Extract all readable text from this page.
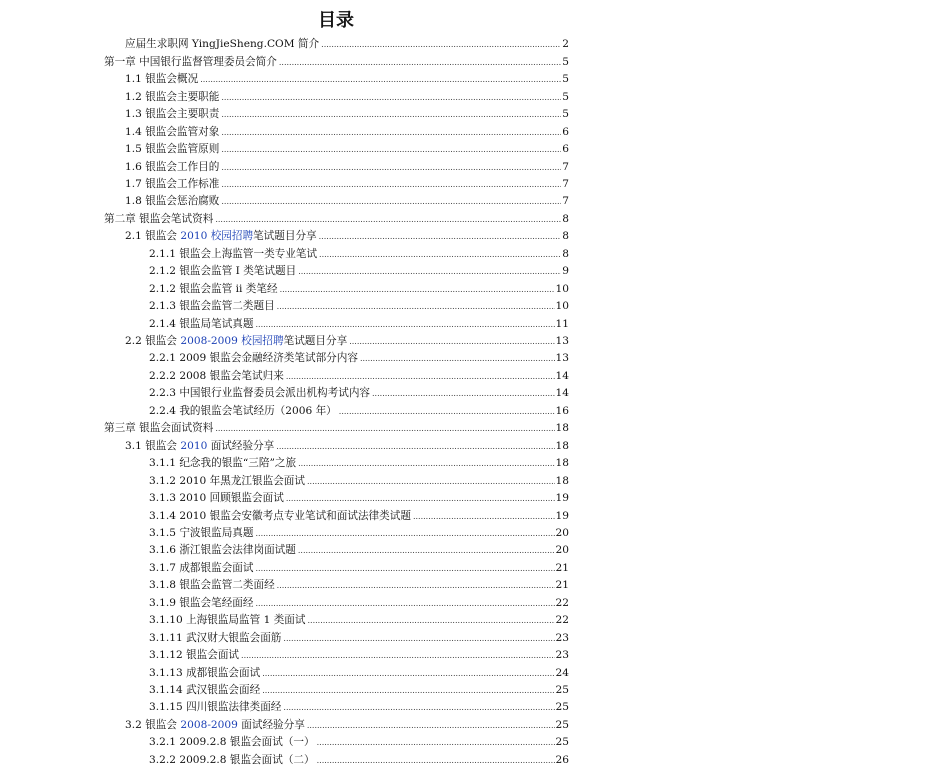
目录
应届生求职网 YingJieSheng.COM 简介 .....	2
第一章 中国银行监督管理委员会简介 .....	5
1.1 银监会概况 .....	5
1.2 银监会主要职能 .....	5
1.3 银监会主要职责 .....	5
1.4 银监会监管对象 .....	6
1.5 银监会监管原则 .....	6
1.6 银监会工作目的 .....	7
1.7 银监会工作标准 .....	7
1.8 银监会惩治腐败 .....	7
第二章 银监会笔试资料 .....	8
2.1 银监会 2010 校园招聘笔试题目分享 .....	8
2.1.1 银监会上海监管一类专业笔试 .....	8
2.1.2 银监会监管 I 类笔试题目 .....	9
2.1.2 银监会监管 ii 类笔经 .....	10
2.1.3 银监会监管二类题目 .....	10
2.1.4 银监局笔试真题 .....	11
2.2 银监会 2008-2009 校园招聘笔试题目分享 .....	13
2.2.1 2009 银监会金融经济类笔试部分内容 .....	13
2.2.2 2008 银监会笔试归来 .....	14
2.2.3 中国银行业监督委员会派出机构考试内容 .....	14
2.2.4 我的银监会笔试经历（2006 年） .....	16
第三章 银监会面试资料 .....	18
3.1 银监会 2010 面试经验分享 .....	18
3.1.1 纪念我的银监“三陪”之旅 .....	18
3.1.2 2010 年黑龙江银监会面试 .....	18
3.1.3 2010 回顾银监会面试 .....	19
3.1.4 2010 银监会安徽考点专业笔试和面试法律类试题 .....	19
3.1.5 宁波银监局真题 .....	20
3.1.6 浙江银监会法律岗面试题 .....	20
3.1.7 成都银监会面试 .....	21
3.1.8 银监会监管二类面经 .....	21
3.1.9 银监会笔经面经 .....	22
3.1.10 上海银监局监管 1 类面试 .....	22
3.1.11 武汉财大银监会面筋 .....	23
3.1.12 银监会面试 .....	23
3.1.13 成都银监会面试 .....	24
3.1.14 武汉银监会面经 .....	25
3.1.15 四川银监法律类面经 .....	25
3.2 银监会 2008-2009 面试经验分享 .....	25
3.2.1 2009.2.8 银监会面试（一） .....	25
3.2.2 2009.2.8 银监会面试（二） .....	26
